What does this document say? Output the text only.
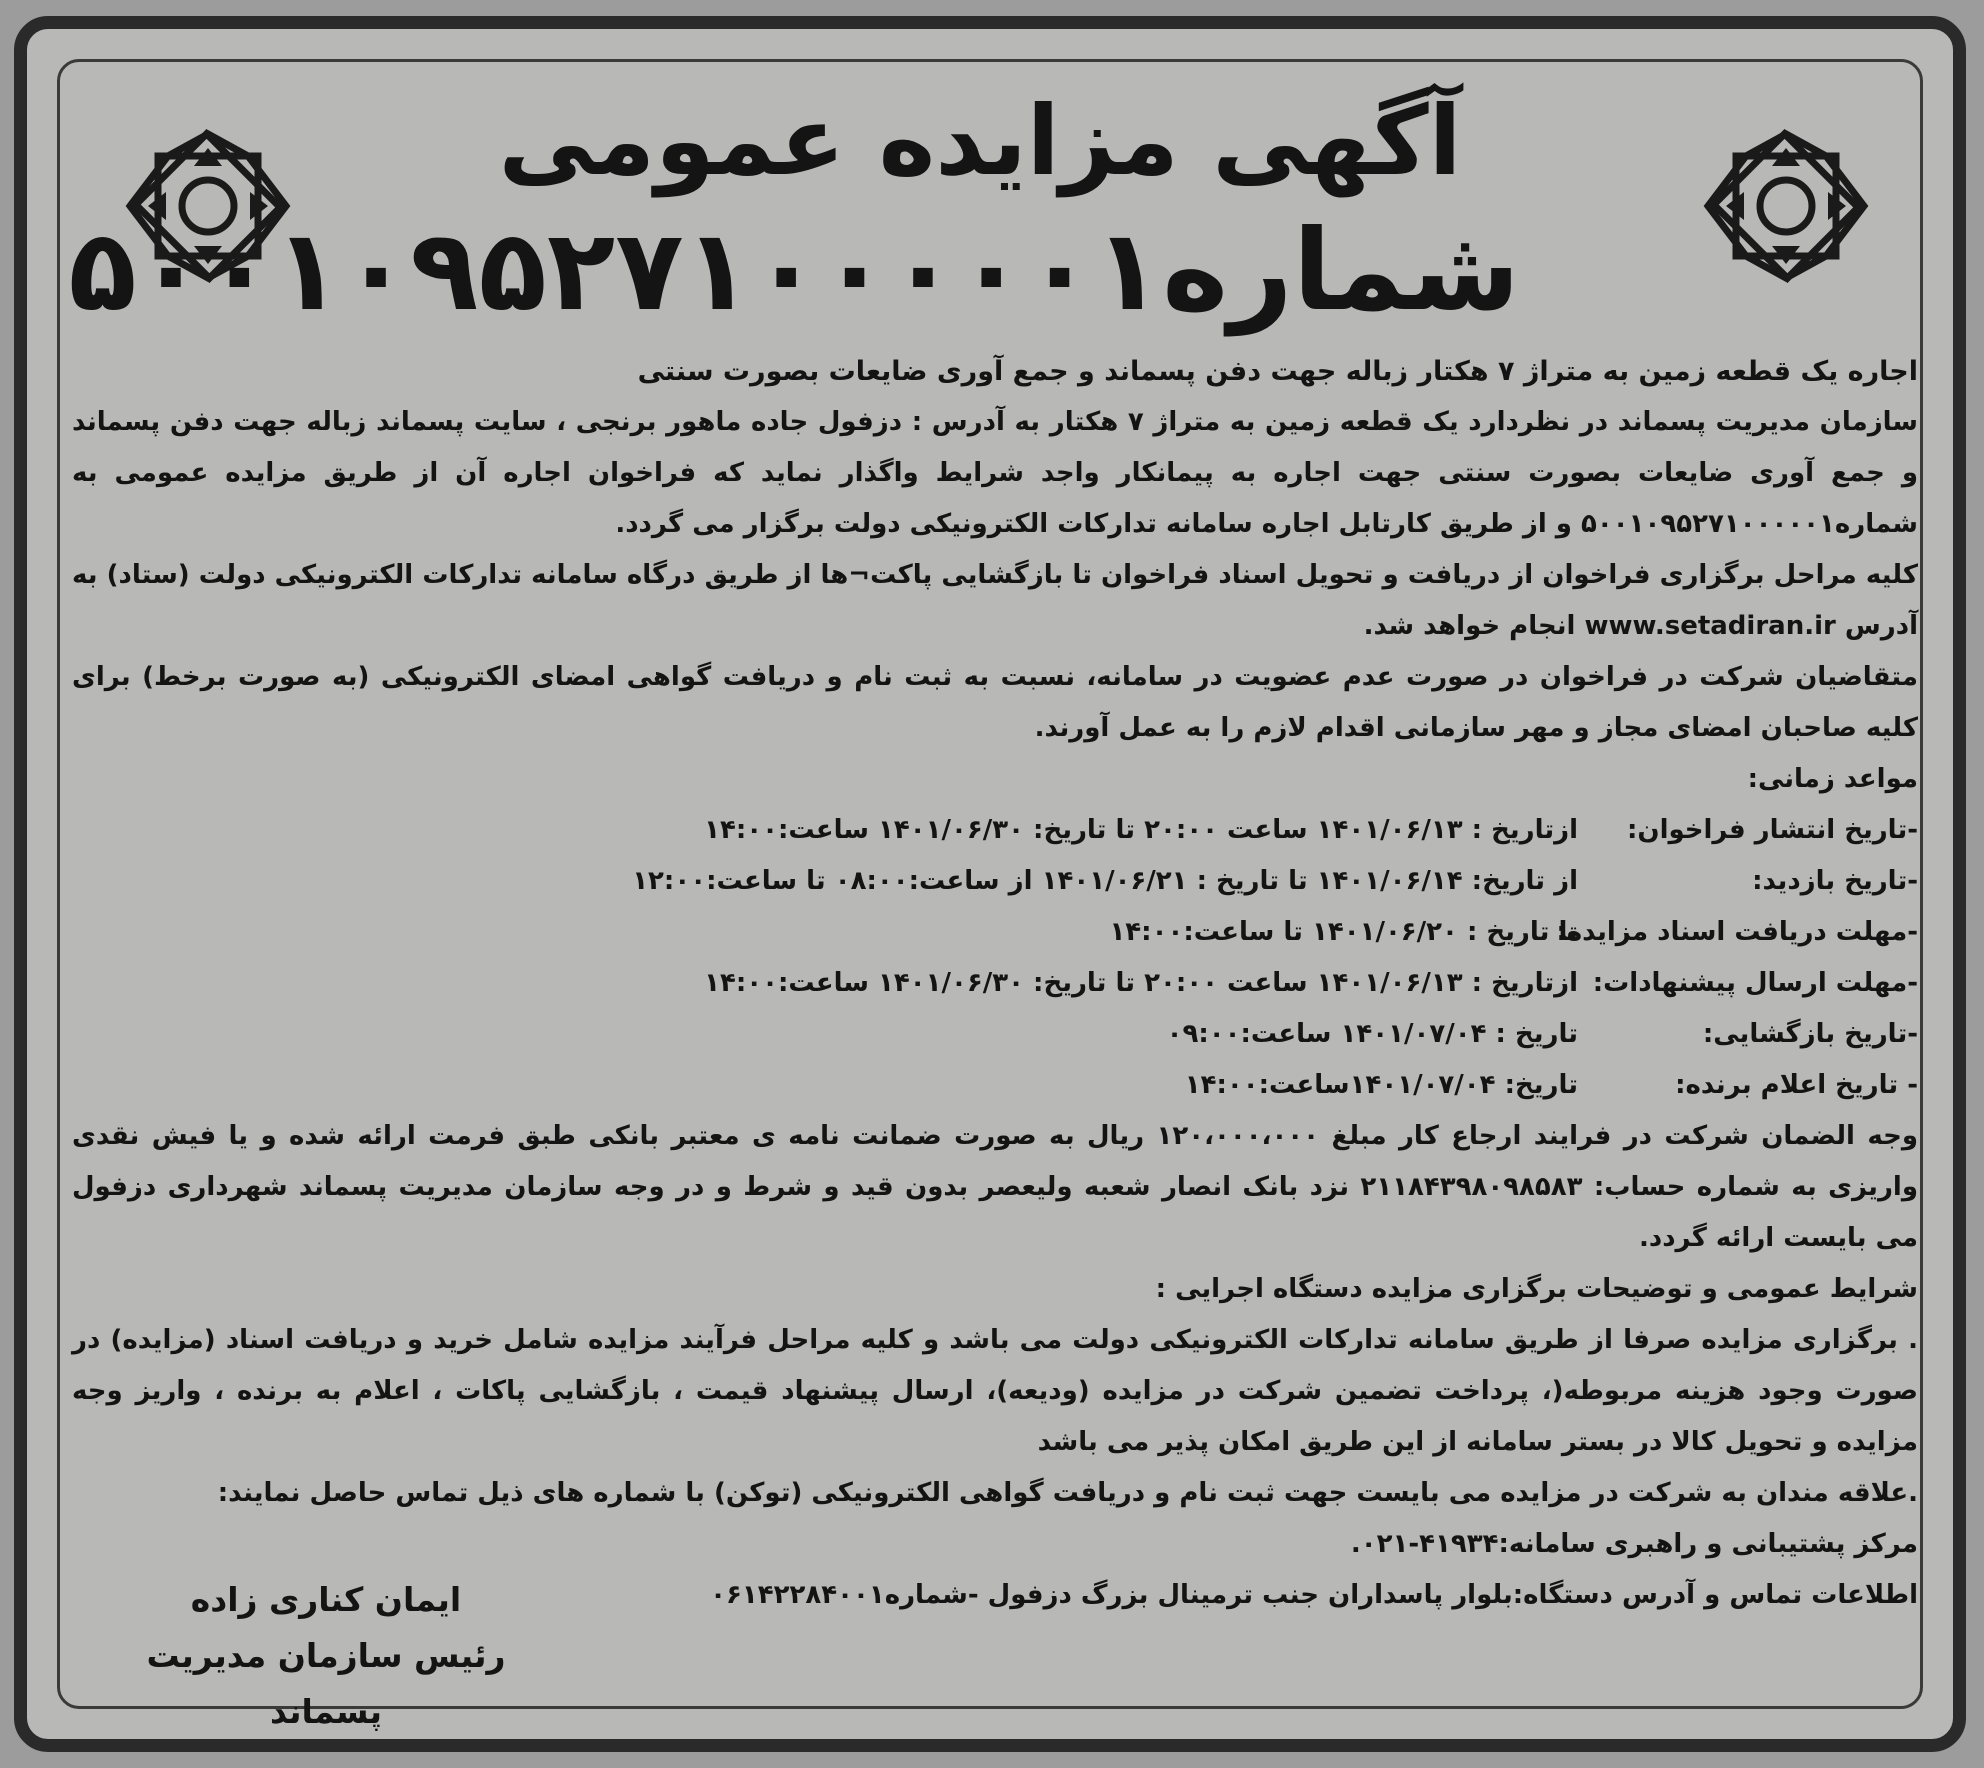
آگهی مزایده عمومی
شماره۵۰۰۱۰۹۵۲۷۱۰۰۰۰۰۱

اجاره یک قطعه زمین به متراژ ۷ هکتار زباله جهت دفن پسماند و جمع آوری ضایعات بصورت سنتی

سازمان مدیریت پسماند در نظردارد یک قطعه زمین به متراژ ۷ هکتار به آدرس : دزفول جاده ماهور برنجی ، سایت پسماند زباله جهت دفن پسماند و جمع آوری ضایعات بصورت سنتی جهت اجاره به پیمانکار واجد شرایط واگذار نماید که فراخوان اجاره آن از طریق مزایده عمومی به شماره۵۰۰۱۰۹۵۲۷۱۰۰۰۰۰۱ و از طریق کارتابل اجاره سامانه تدارکات الکترونیکی دولت برگزار می گردد.

کلیه مراحل برگزاری فراخوان از دریافت و تحویل اسناد فراخوان تا بازگشایی پاکت¬ها از طریق درگاه سامانه تدارکات الکترونیکی دولت (ستاد) به آدرس www.setadiran.ir انجام خواهد شد.

متقاضیان شرکت در فراخوان در صورت عدم عضویت در سامانه، نسبت به ثبت نام و دریافت گواهی امضای الکترونیکی (به صورت برخط) برای کلیه صاحبان امضای مجاز و مهر سازمانی اقدام لازم را به عمل آورند.

مواعد زمانی:

-تاریخ انتشار فراخوان:
ازتاریخ : ۱۴۰۱/۰۶/۱۳ ساعت ۲۰:۰۰ تا تاریخ: ۱۴۰۱/۰۶/۳۰ ساعت:۱۴:۰۰
-تاریخ بازدید:
از تاریخ: ۱۴۰۱/۰۶/۱۴ تا تاریخ : ۱۴۰۱/۰۶/۲۱ از ساعت:۰۸:۰۰ تا ساعت:۱۲:۰۰
-مهلت دریافت اسناد مزایده:
تا تاریخ : ۱۴۰۱/۰۶/۲۰ تا ساعت:۱۴:۰۰
-مهلت ارسال پیشنهادات:
ازتاریخ : ۱۴۰۱/۰۶/۱۳ ساعت ۲۰:۰۰ تا تاریخ: ۱۴۰۱/۰۶/۳۰ ساعت:۱۴:۰۰
-تاریخ بازگشایی:
تاریخ : ۱۴۰۱/۰۷/۰۴ ساعت:۰۹:۰۰
- تاریخ اعلام برنده:
تاریخ: ۱۴۰۱/۰۷/۰۴ساعت:۱۴:۰۰

وجه الضمان شرکت در فرایند ارجاع کار مبلغ ۱۲۰،۰۰۰،۰۰۰ ریال به صورت ضمانت نامه ی معتبر بانکی طبق فرمت ارائه شده و یا فیش نقدی واریزی به شماره حساب: ۲۱۱۸۴۳۹۸۰۹۸۵۸۳ نزد بانک انصار شعبه ولیعصر بدون قید و شرط و در وجه سازمان مدیریت پسماند شهرداری دزفول می بایست ارائه گردد.

شرایط عمومی و توضیحات برگزاری مزایده دستگاه اجرایی :

. برگزاری مزایده صرفا از طریق سامانه تدارکات الکترونیکی دولت می باشد و کلیه مراحل فرآیند مزایده شامل خرید و دریافت اسناد (مزایده) در صورت وجود هزینه مربوطه(، پرداخت تضمین شرکت در مزایده (ودیعه)، ارسال پیشنهاد قیمت ، بازگشایی پاکات ، اعلام به برنده ، واریز وجه مزایده و تحویل کالا در بستر سامانه از این طریق امکان پذیر می باشد

.علاقه مندان به شرکت در مزایده می بایست جهت ثبت نام و دریافت گواهی الکترونیکی (توکن) با شماره های ذیل تماس حاصل نمایند:

مرکز پشتیبانی و راهبری سامانه:۴۱۹۳۴-۰۲۱.

اطلاعات تماس و آدرس دستگاه:بلوار پاسداران جنب ترمینال بزرگ دزفول -شماره۰۶۱۴۲۲۸۴۰۰۱

ایمان کناری زاده
رئیس سازمان مدیریت پسماند
